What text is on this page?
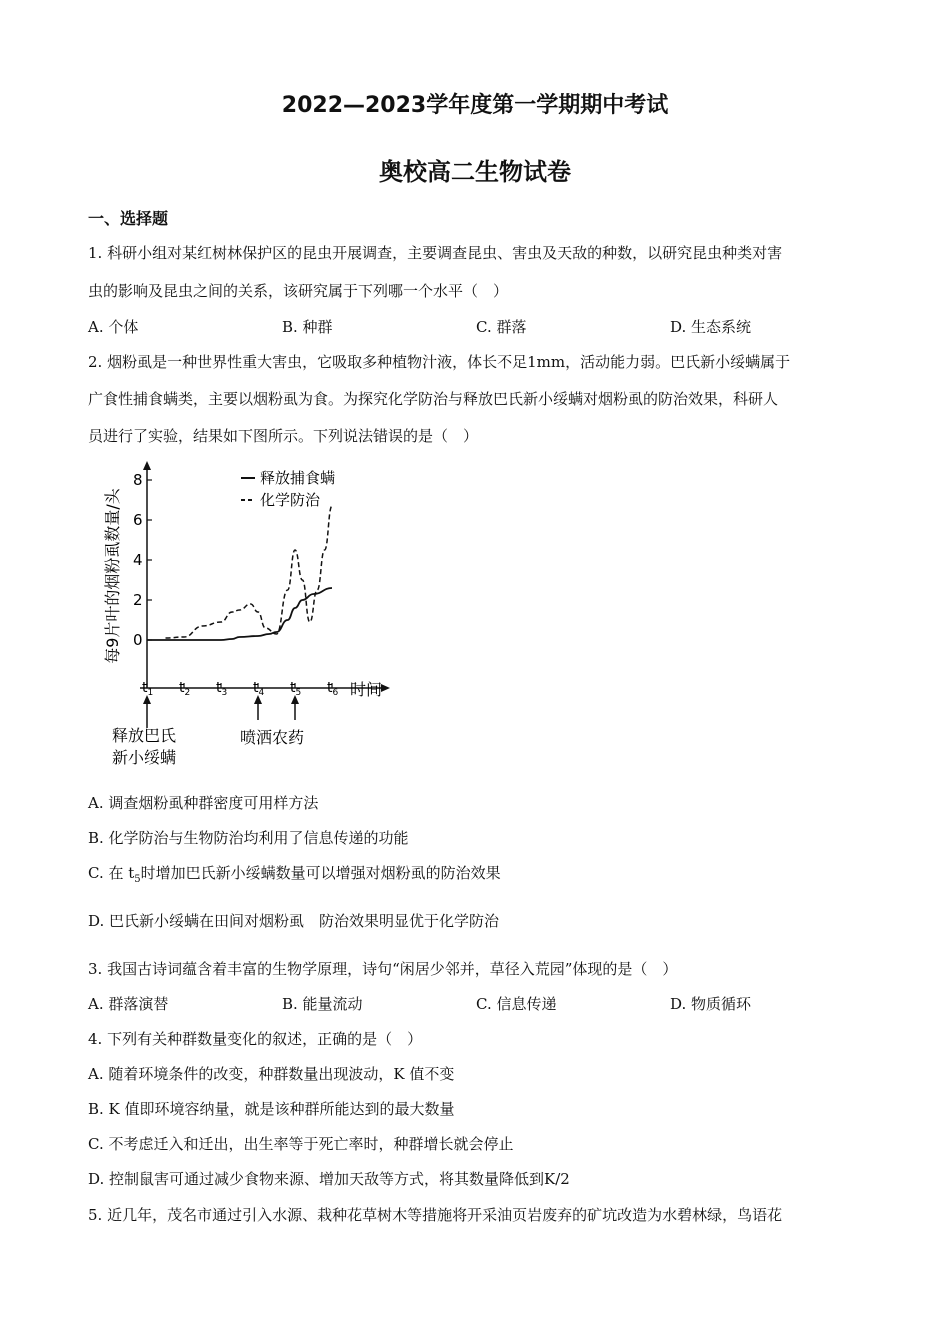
2022—2023学年度第一学期期中考试
奥校高二生物试卷
一、选择题
1. 科研小组对某红树林保护区的昆虫开展调查，主要调查昆虫、害虫及天敌的种数，以研究昆虫种类对害
虫的影响及昆虫之间的关系，该研究属于下列哪一个水平（　）
A. 个体	B. 种群	C. 群落	D. 生态系统
2. 烟粉虱是一种世界性重大害虫，它吸取多种植物汁液，体长不足1mm，活动能力弱。巴氏新小绥螨属于
广食性捕食螨类，主要以烟粉虱为食。为探究化学防治与释放巴氏新小绥螨对烟粉虱的防治效果，科研人
员进行了实验，结果如下图所示。下列说法错误的是（　）
0
2
4
6
8
$t_1$ $t_2$ $t_3$ $t_4$ $t_5$ $t_6$
每9片叶的烟粉虱数量/头
时间
释放捕食螨
化学防治
释放巴氏
新小绥螨
喷洒农药
A. 调查烟粉虱种群密度可用样方法
B. 化学防治与生物防治均利用了信息传递的功能
C. 在 $t_5$时增加巴氏新小绥螨数量可以增强对烟粉虱的防治效果
D. 巴氏新小绥螨在田间对烟粉虱　防治效果明显优于化学防治
3. 我国古诗词蕴含着丰富的生物学原理，诗句“闲居少邻并，草径入荒园”体现的是（　）
A. 群落演替	B. 能量流动	C. 信息传递	D. 物质循环
4. 下列有关种群数量变化的叙述，正确的是（　）
A. 随着环境条件的改变，种群数量出现波动，K 值不变
B. K 值即环境容纳量，就是该种群所能达到的最大数量
C. 不考虑迁入和迁出，出生率等于死亡率时，种群增长就会停止
D. 控制鼠害可通过减少食物来源、增加天敌等方式，将其数量降低到K/2
5. 近几年，茂名市通过引入水源、栽种花草树木等措施将开采油页岩废弃的矿坑改造为水碧林绿，鸟语花
